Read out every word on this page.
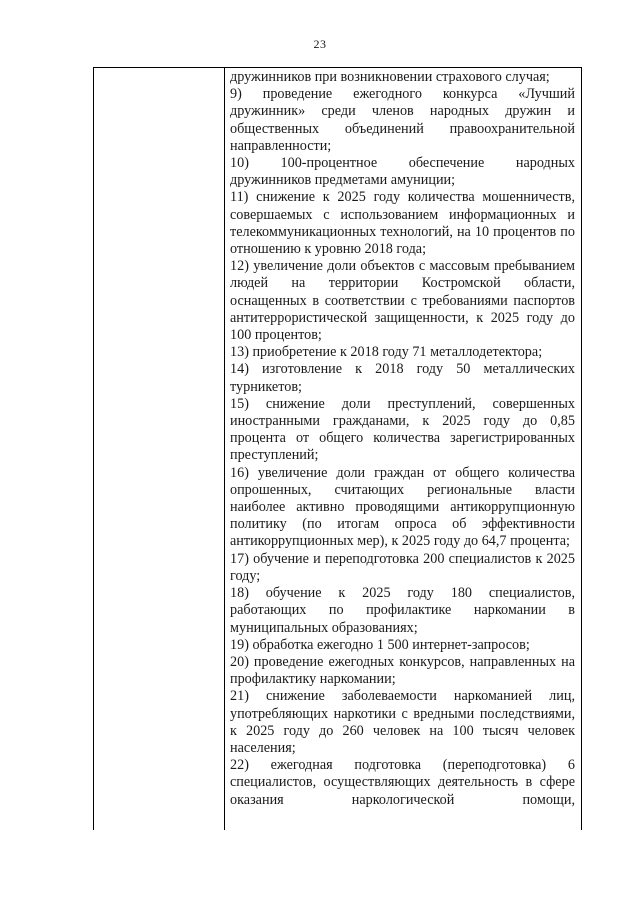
23

дружинников при возникновении страхового случая;

9) проведение ежегодного конкурса «Лучший дружинник» среди членов народных дружин и общественных объединений правоохранительной направленности;

10) 100-процентное обеспечение народных дружинников предметами амуниции;

11) снижение к 2025 году количества мошенничеств, совершаемых с использованием информационных и телекоммуникационных технологий, на 10 процентов по отношению к уровню 2018 года;

12) увеличение доли объектов с массовым пребыванием людей на территории Костромской области, оснащенных в соответствии с требованиями паспортов антитеррористической защищенности, к 2025 году до 100 процентов;

13) приобретение к 2018 году 71 металлодетектора;

14) изготовление к 2018 году 50 металлических турникетов;

15) снижение доли преступлений, совершенных иностранными гражданами, к 2025 году до 0,85 процента от общего количества зарегистрированных преступлений;

16) увеличение доли граждан от общего количества опрошенных, считающих региональные власти наиболее активно проводящими антикоррупционную политику (по итогам опроса об эффективности антикоррупционных мер), к 2025 году до 64,7 процента;

17) обучение и переподготовка 200 специалистов к 2025 году;

18) обучение к 2025 году 180 специалистов, работающих по профилактике наркомании в муниципальных образованиях;

19) обработка ежегодно 1 500 интернет-запросов;

20) проведение ежегодных конкурсов, направленных на профилактику наркомании;

21) снижение заболеваемости наркоманией лиц, употребляющих наркотики с вредными последствиями, к 2025 году до 260 человек на 100 тысяч человек населения;

22) ежегодная подготовка (переподготовка) 6 специалистов, осуществляющих деятельность в сфере оказания наркологической помощи,
